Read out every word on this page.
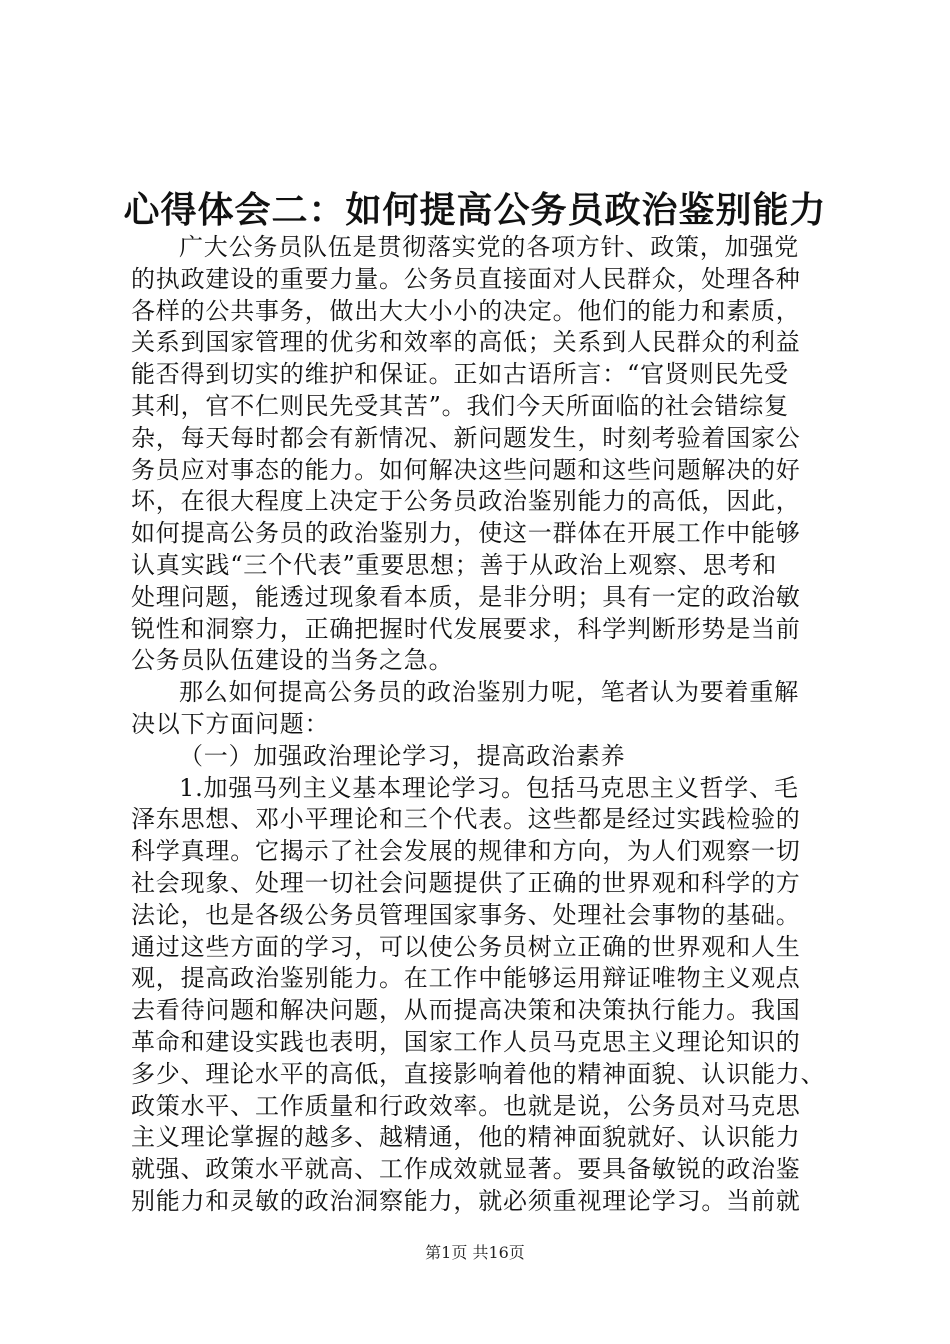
心得体会二：如何提高公务员政治鉴别能力
广大公务员队伍是贯彻落实党的各项方针、政策，加强党
的执政建设的重要力量。公务员直接面对人民群众，处理各种
各样的公共事务，做出大大小小的决定。他们的能力和素质，
关系到国家管理的优劣和效率的高低；关系到人民群众的利益
能否得到切实的维护和保证。正如古语所言：“官贤则民先受
其利，官不仁则民先受其苦”。我们今天所面临的社会错综复
杂，每天每时都会有新情况、新问题发生，时刻考验着国家公
务员应对事态的能力。如何解决这些问题和这些问题解决的好
坏，在很大程度上决定于公务员政治鉴别能力的高低，因此，
如何提高公务员的政治鉴别力，使这一群体在开展工作中能够
认真实践“三个代表”重要思想；善于从政治上观察、思考和
处理问题，能透过现象看本质，是非分明；具有一定的政治敏
锐性和洞察力，正确把握时代发展要求，科学判断形势是当前
公务员队伍建设的当务之急。
那么如何提高公务员的政治鉴别力呢，笔者认为要着重解
决以下方面问题：
（一）加强政治理论学习，提高政治素养
1.加强马列主义基本理论学习。包括马克思主义哲学、毛
泽东思想、邓小平理论和三个代表。这些都是经过实践检验的
科学真理。它揭示了社会发展的规律和方向，为人们观察一切
社会现象、处理一切社会问题提供了正确的世界观和科学的方
法论，也是各级公务员管理国家事务、处理社会事物的基础。
通过这些方面的学习，可以使公务员树立正确的世界观和人生
观，提高政治鉴别能力。在工作中能够运用辩证唯物主义观点
去看待问题和解决问题，从而提高决策和决策执行能力。我国
革命和建设实践也表明，国家工作人员马克思主义理论知识的
多少、理论水平的高低，直接影响着他的精神面貌、认识能力、
政策水平、工作质量和行政效率。也就是说，公务员对马克思
主义理论掌握的越多、越精通，他的精神面貌就好、认识能力
就强、政策水平就高、工作成效就显著。要具备敏锐的政治鉴
别能力和灵敏的政治洞察能力，就必须重视理论学习。当前就
第1页 共16页
